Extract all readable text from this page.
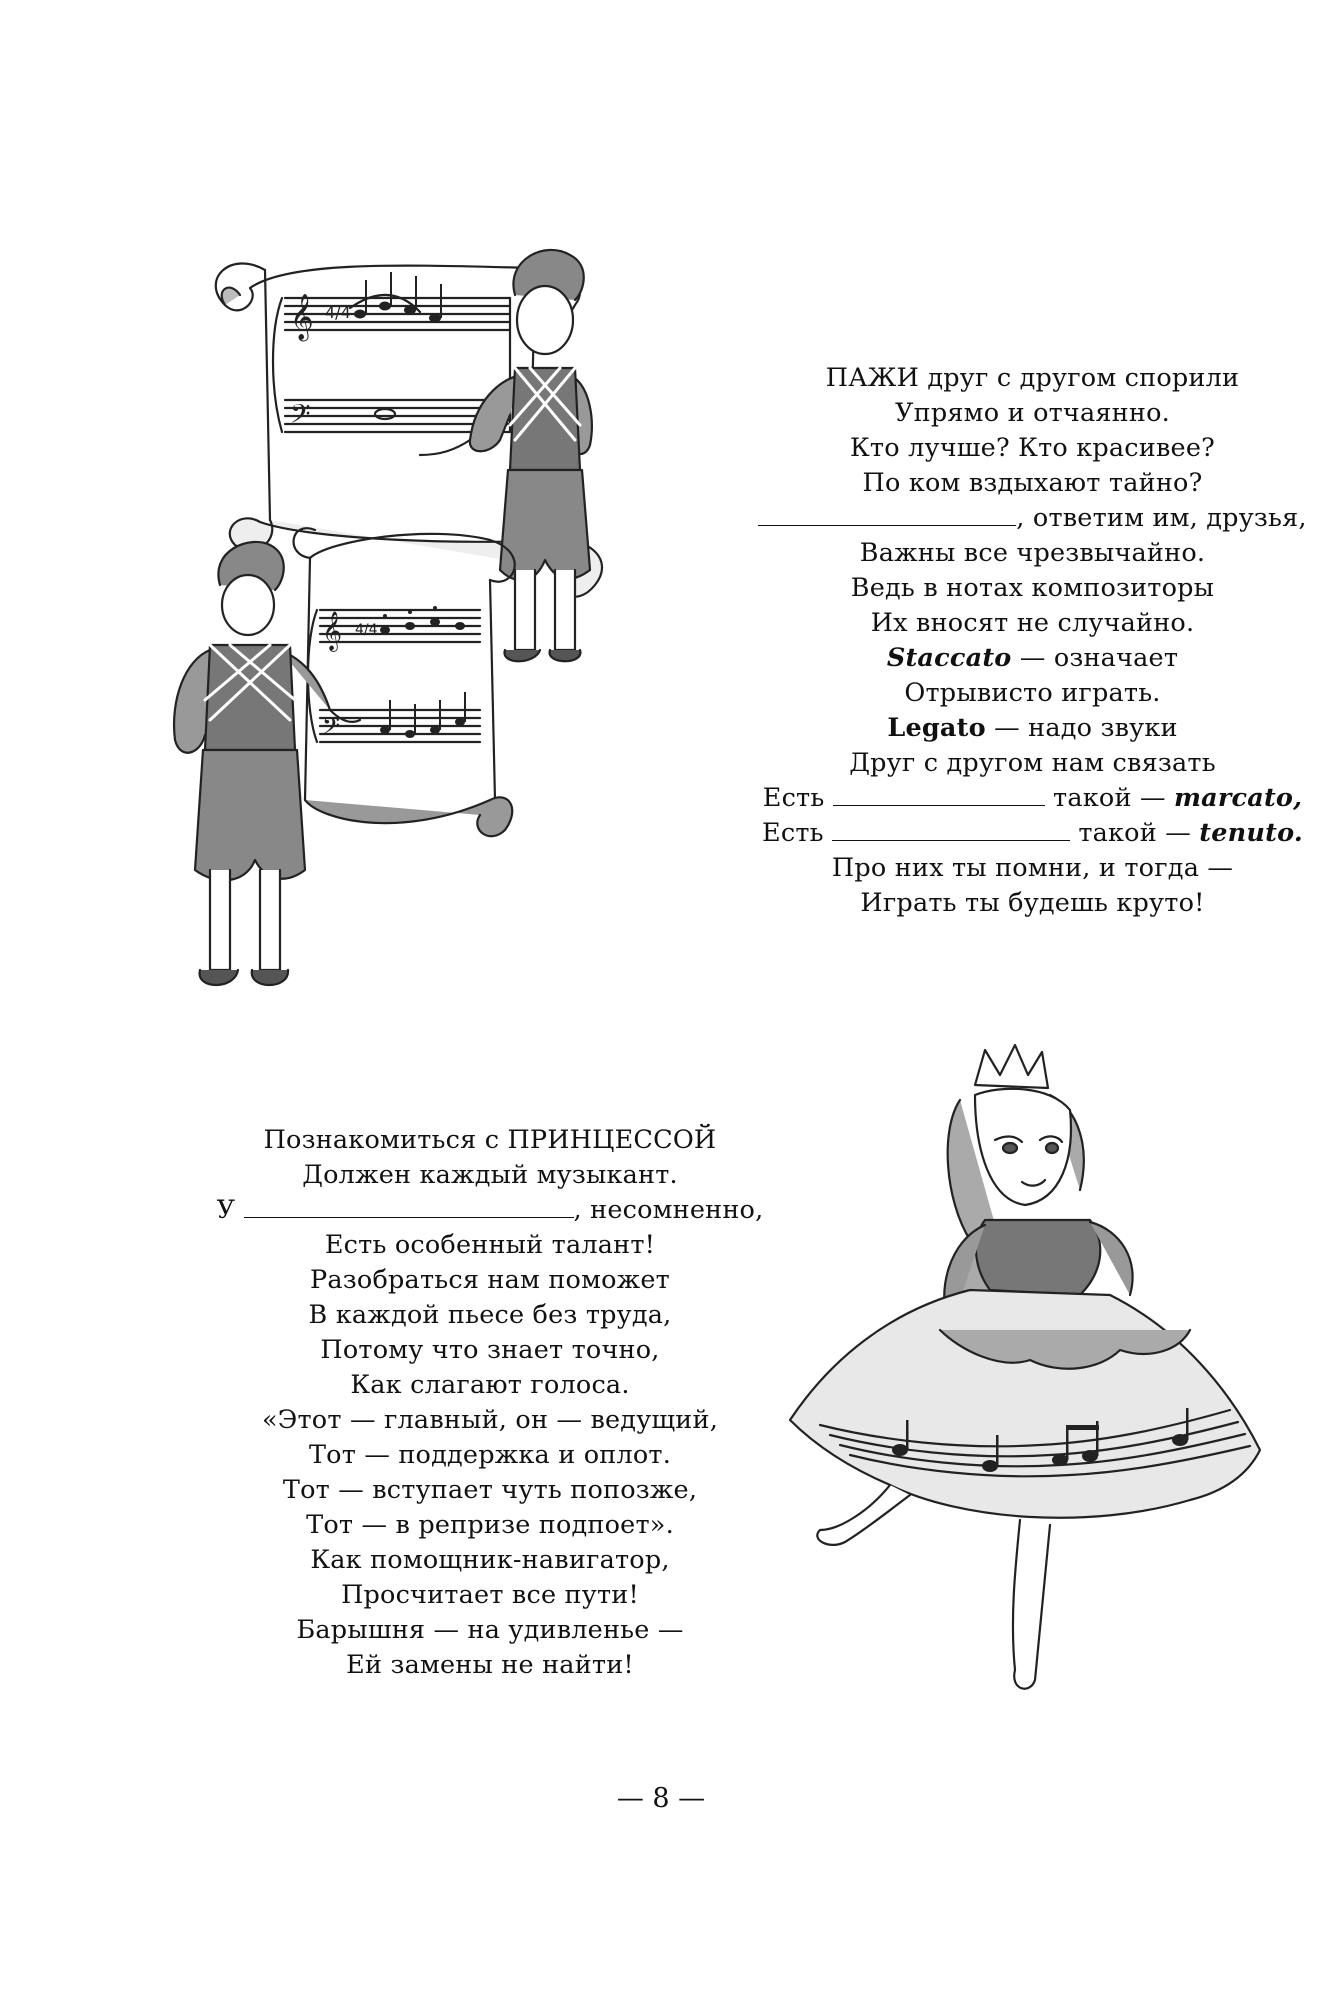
𝄞
𝄢
4/4
𝄞
𝄢
4/4
ПАЖИ друг с другом спорили
Упрямо и отчаянно.
Кто лучше? Кто красивее?
По ком вздыхают тайно?
, ответим им, друзья,
Важны все чрезвычайно.
Ведь в нотах композиторы
Их вносят не случайно.
Staccato — означает
Отрывисто играть.
Legato — надо звуки
Друг с другом нам связать
Есть	такой — marcato,
Есть	такой — tenuto.
Про них ты помни, и тогда —
Играть ты будешь круто!
Познакомиться с ПРИНЦЕССОЙ
Должен каждый музыкант.
У	, несомненно,
Есть особенный талант!
Разобраться нам поможет
В каждой пьесе без труда,
Потому что знает точно,
Как слагают голоса.
«Этот — главный, он — ведущий,
Тот — поддержка и оплот.
Тот — вступает чуть попозже,
Тот — в репризе подпоет».
Как помощник-навигатор,
Просчитает все пути!
Барышня — на удивленье —
Ей замены не найти!
— 8 —
